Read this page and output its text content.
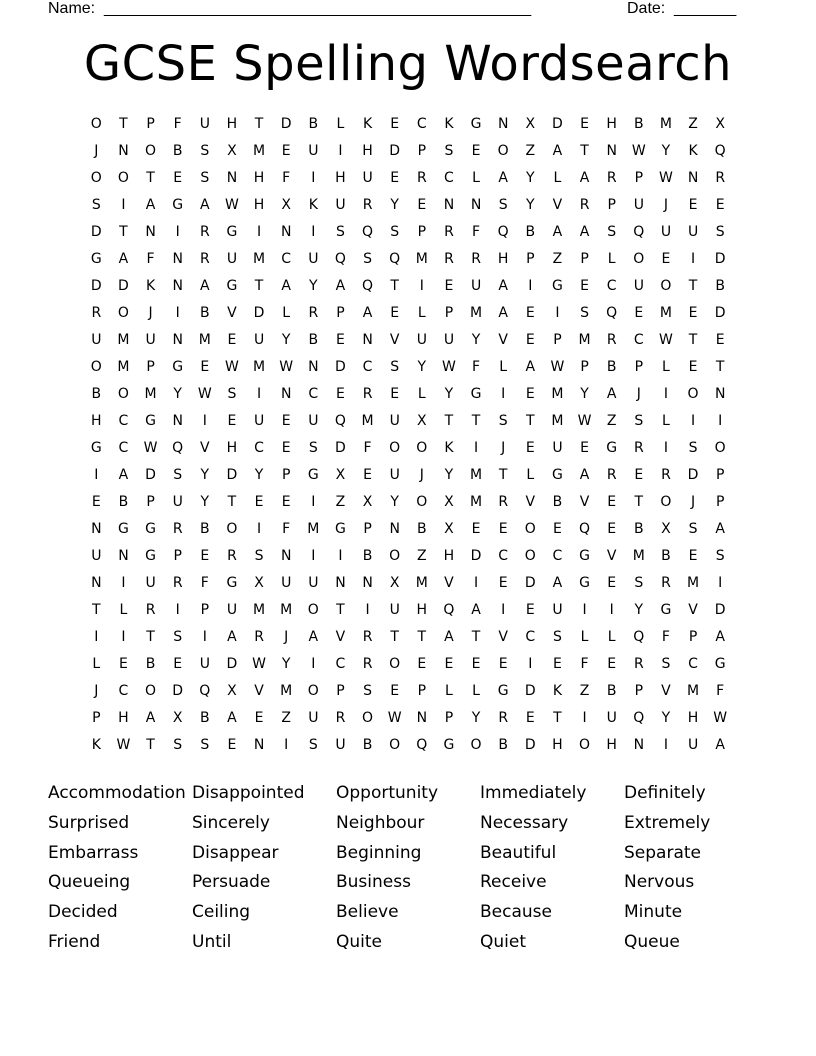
Name: ________________________________________________	Date: _______
GCSE Spelling Wordsearch
O	T	P	F	U	H	T	D	B	L	K	E	C	K	G	N	X	D	E	H	B	M	Z	X
J	N	O	B	S	X	M	E	U	I	H	D	P	S	E	O	Z	A	T	N	W	Y	K	Q
O	O	T	E	S	N	H	F	I	H	U	E	R	C	L	A	Y	L	A	R	P	W	N	R
S	I	A	G	A	W	H	X	K	U	R	Y	E	N	N	S	Y	V	R	P	U	J	E	E
D	T	N	I	R	G	I	N	I	S	Q	S	P	R	F	Q	B	A	A	S	Q	U	U	S
G	A	F	N	R	U	M	C	U	Q	S	Q	M	R	R	H	P	Z	P	L	O	E	I	D
D	D	K	N	A	G	T	A	Y	A	Q	T	I	E	U	A	I	G	E	C	U	O	T	B
R	O	J	I	B	V	D	L	R	P	A	E	L	P	M	A	E	I	S	Q	E	M	E	D
U	M	U	N	M	E	U	Y	B	E	N	V	U	U	Y	V	E	P	M	R	C	W	T	E
O	M	P	G	E	W M W	N	D	C	S	Y	W	F	L	A	W	P	B	P	L	E	T
B	O	M	Y	W	S	I	N	C	E	R	E	L	Y	G	I	E	M	Y	A	J	I	O	N
H	C	G	N	I	E	U	E	U	Q	M	U	X	T	T	S	T	M W	Z	S	L	I	I
G	C	W	Q	V	H	C	E	S	D	F	O	O	K	I	J	E	U	E	G	R	I	S	O
I	A	D	S	Y	D	Y	P	G	X	E	U	J	Y	M	T	L	G	A	R	E	R	D	P
E	B	P	U	Y	T	E	E	I	Z	X	Y	O	X	M	R	V	B	V	E	T	O	J	P
N	G	G	R	B	O	I	F	M	G	P	N	B	X	E	E	O	E	Q	E	B	X	S	A
U	N	G	P	E	R	S	N	I	I	B	O	Z	H	D	C	O	C	G	V	M	B	E	S
N	I	U	R	F	G	X	U	U	N	N	X	M	V	I	E	D	A	G	E	S	R	M	I
T	L	R	I	P	U	M	M	O	T	I	U	H	Q	A	I	E	U	I	I	Y	G	V	D
I	I	T	S	I	A	R	J	A	V	R	T	T	A	T	V	C	S	L	L	Q	F	P	A
L	E	B	E	U	D	W	Y	I	C	R	O	E	E	E	E	I	E	F	E	R	S	C	G
J	C	O	D	Q	X	V	M	O	P	S	E	P	L	L	G	D	K	Z	B	P	V	M	F
P	H	A	X	B	A	E	Z	U	R	O	W	N	P	Y	R	E	T	I	U	Q	Y	H	W
K	W	T	S	S	E	N	I	S	U	B	O	Q	G	O	B	D	H	O	H	N	I	U	A
Accommodation Disappointed	Opportunity	Immediately	Definitely
Surprised	Sincerely	Neighbour	Necessary	Extremely
Embarrass	Disappear	Beginning	Beautiful	Separate
Queueing	Persuade	Business	Receive	Nervous
Decided	Ceiling	Believe	Because	Minute
Friend	Until	Quite	Quiet	Queue
